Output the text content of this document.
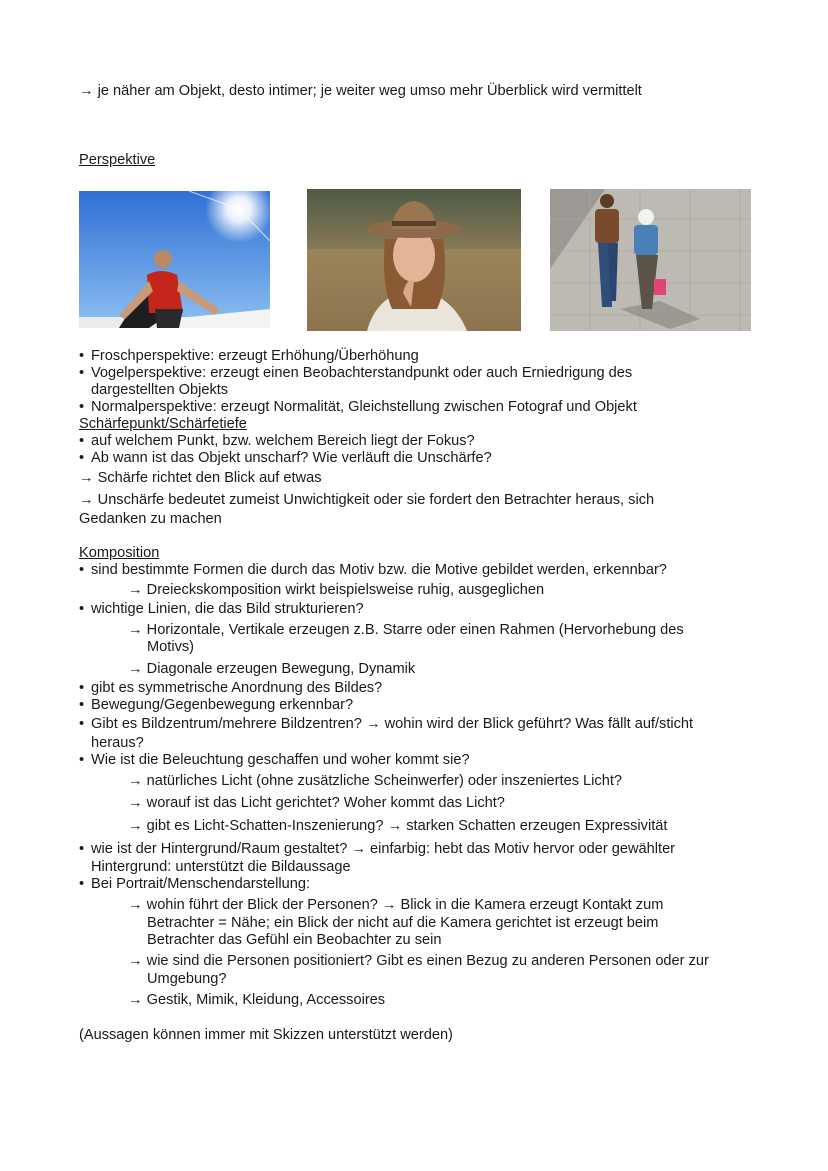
→ je näher am Objekt, desto intimer; je weiter weg umso mehr Überblick wird vermittelt
Perspektive
• Froschperspektive: erzeugt Erhöhung/Überhöhung
• Vogelperspektive: erzeugt einen Beobachterstandpunkt oder auch Erniedrigung des
dargestellten Objekts
• Normalperspektive: erzeugt Normalität, Gleichstellung zwischen Fotograf und Objekt
Schärfepunkt/Schärfetiefe
• auf welchem Punkt, bzw. welchem Bereich liegt der Fokus?
• Ab wann ist das Objekt unscharf? Wie verläuft die Unschärfe?
→ Schärfe richtet den Blick auf etwas
→ Unschärfe bedeutet zumeist Unwichtigkeit oder sie fordert den Betrachter heraus, sich
Gedanken zu machen
Komposition
• sind bestimmte Formen die durch das Motiv bzw. die Motive gebildet werden, erkennbar?
→ Dreieckskomposition wirkt beispielsweise ruhig, ausgeglichen
• wichtige Linien, die das Bild strukturieren?
→ Horizontale, Vertikale erzeugen z.B. Starre oder einen Rahmen (Hervorhebung des
Motivs)
→ Diagonale erzeugen Bewegung, Dynamik
• gibt es symmetrische Anordnung des Bildes?
• Bewegung/Gegenbewegung erkennbar?
• Gibt es Bildzentrum/mehrere Bildzentren? → wohin wird der Blick geführt? Was fällt auf/sticht
heraus?
• Wie ist die Beleuchtung geschaffen und woher kommt sie?
→ natürliches Licht (ohne zusätzliche Scheinwerfer) oder inszeniertes Licht?
→ worauf ist das Licht gerichtet? Woher kommt das Licht?
→ gibt es Licht-Schatten-Inszenierung? → starken Schatten erzeugen Expressivität
• wie ist der Hintergrund/Raum gestaltet? → einfarbig: hebt das Motiv hervor oder gewählter
Hintergrund: unterstützt die Bildaussage
• Bei Portrait/Menschendarstellung:
→ wohin führt der Blick der Personen? → Blick in die Kamera erzeugt Kontakt zum
Betrachter = Nähe; ein Blick der nicht auf die Kamera gerichtet ist erzeugt beim
Betrachter das Gefühl ein Beobachter zu sein
→ wie sind die Personen positioniert? Gibt es einen Bezug zu anderen Personen oder zur
Umgebung?
→ Gestik, Mimik, Kleidung, Accessoires
(Aussagen können immer mit Skizzen unterstützt werden)
